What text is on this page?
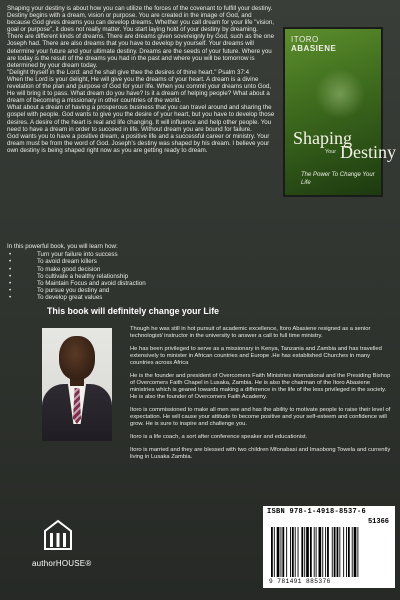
Shaping your destiny is about how you can utilize the forces of the covenant to fulfill your destiny.

Destiny begins with a dream, vision or purpose. You are created in the image of God, and because God gives dreams you can develop dreams. Whether you call dream for your life "vision, goal or purpose", it does not really matter. You start laying hold of your destiny by dreaming.

There are different kinds of dreams. There are dreams given sovereignly by God, such as the one Joseph had. There are also dreams that you have to develop by yourself. Your dreams will determine your future and your ultimate destiny. Dreams are the seeds of your future. Where you are today is the result of the dreams you had in the past and where you will be tomorrow is determined by your dream today.

"Delight thyself in the Lord: and he shall give thee the desires of thine heart." Psalm 37:4

When the Lord is your delight, He will give you the dreams of your heart. A dream is a divine revelation of the plan and purpose of God for your life. When you commit your dreams unto God, He will bring it to pass. What dream do you have? Is it a dream of helping people? What about a dream of becoming a missionary in other countries of the world.

What about a dream of having a prosperous business that you can travel around and sharing the gospel with people. God wants to give you the desire of your heart, but you have to develop those desires. A desire of the heart is real and life changing. It will influence and help other people. You need to have a dream in order to succeed in life. Without dream you are bound for failure.

God wants you to have a positive dream, a positive life and a successful career or ministry. Your dream must be from the word of God. Joseph's destiny was shaped by his dream. I believe your own destiny is being shaped right now as you are getting ready to dream.

ITORO
ABASIENE
Shaping
Your Destiny
The Power To Change Your Life

In this powerful book, you will learn how:

• Turn your failure into success
• To avoid dream killers
• To make good decision
• To cultivate a healthy relationship
• To Maintain Focus and avoid distraction
• To pursue you destiny and
• To develop great values
This book will definitely change your Life

Though he was still in hot pursuit of academic excellence, Itoro Abasiene resigned as a senior technologist/ instructor in the university to answer a call to full time ministry.

He has been privileged to serve as a missionary in Kenya, Tanzania and Zambia and has travelled extensively to minister in African countries and Europe .He has established Churches in many countries across Africa

He is the founder and president of Overcomers Faith Ministries international and the Presiding Bishop of Overcomers Faith Chapel in Lusaka, Zambia. He is also the chairman of the Itoro Abasiene ministries which is geared towards making a difference in the life of the less privileged in the society. He is also the founder of Overcomers Faith Academy.

Itoro is commissioned to make all men see and has the ability to motivate people to raise their level of expectation. He will cause your attitude to become positive and your self-esteem and confidence will grow. He is sure to inspire and challenge you.

Itoro is a life coach, a sort after conference speaker and educationist.

Itoro is married and they are blessed with two children Mfonabasi and Imaobong Towela and currently living in Lusaka Zambia.

authorHOUSE®
ISBN 978-1-4918-8537-6
51366
9 781491 885376
